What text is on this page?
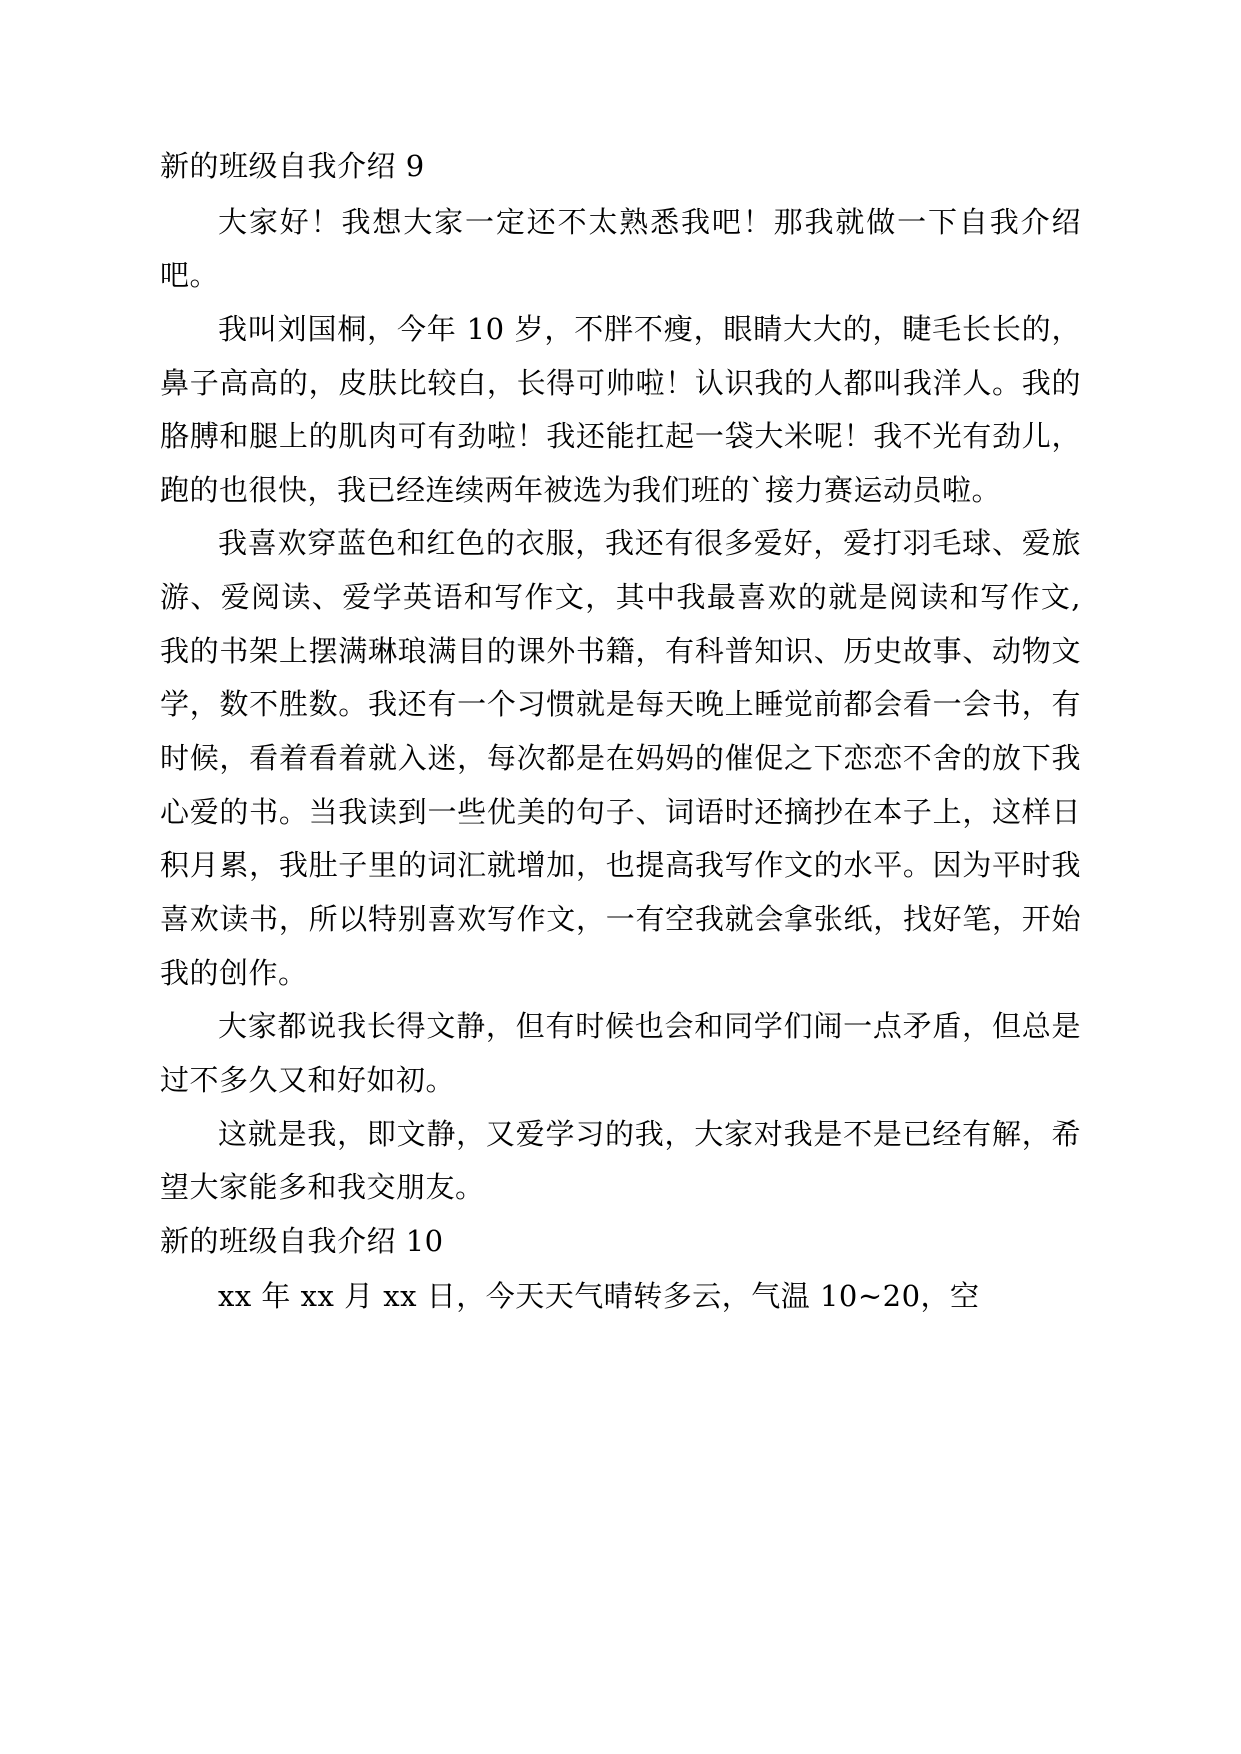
新的班级自我介绍 9

大家好！我想大家一定还不太熟悉我吧！那我就做一下自我介绍吧。

我叫刘国桐，今年 10 岁，不胖不瘦，眼睛大大的，睫毛长长的，鼻子高高的，皮肤比较白，长得可帅啦！认识我的人都叫我洋人。我的胳膊和腿上的肌肉可有劲啦！我还能扛起一袋大米呢！我不光有劲儿，跑的也很快，我已经连续两年被选为我们班的`接力赛运动员啦。

我喜欢穿蓝色和红色的衣服，我还有很多爱好，爱打羽毛球、爱旅游、爱阅读、爱学英语和写作文，其中我最喜欢的就是阅读和写作文,我的书架上摆满琳琅满目的课外书籍，有科普知识、历史故事、动物文学，数不胜数。我还有一个习惯就是每天晚上睡觉前都会看一会书，有时候，看着看着就入迷，每次都是在妈妈的催促之下恋恋不舍的放下我心爱的书。当我读到一些优美的句子、词语时还摘抄在本子上，这样日积月累，我肚子里的词汇就增加，也提高我写作文的水平。因为平时我喜欢读书，所以特别喜欢写作文，一有空我就会拿张纸，找好笔，开始我的创作。

大家都说我长得文静，但有时候也会和同学们闹一点矛盾，但总是过不多久又和好如初。

这就是我，即文静，又爱学习的我，大家对我是不是已经有解，希望大家能多和我交朋友。

新的班级自我介绍 10

xx 年 xx 月 xx 日，今天天气晴转多云，气温 10~20，空
